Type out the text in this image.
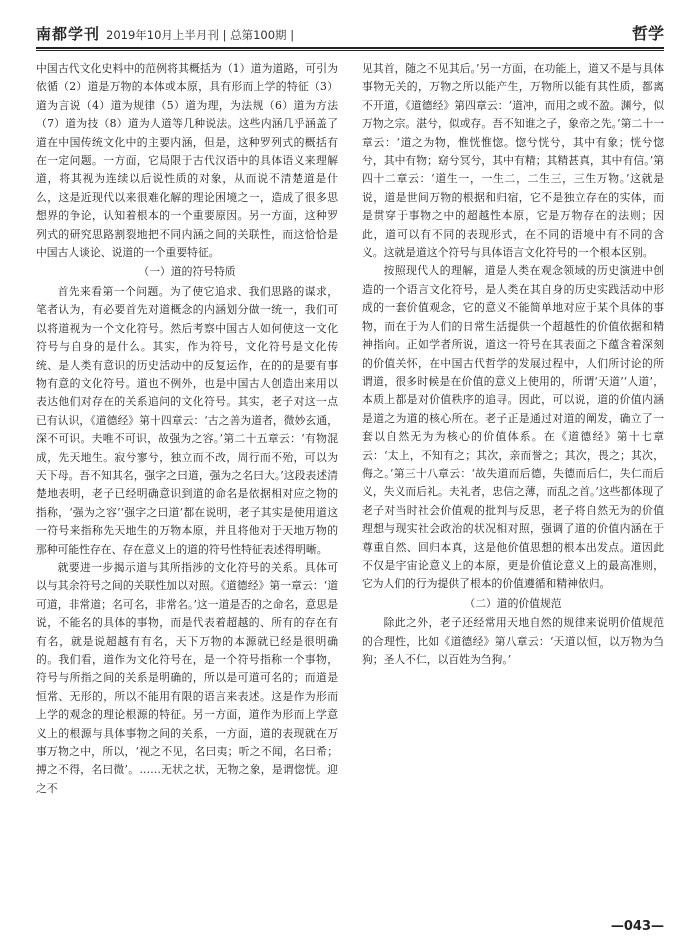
南都学刊 2019年10月上半月刊 | 总第100期 |	哲学

中国古代文化史料中的范例将其概括为（1）道为道路，可引为依循（2）道是万物的本体或本原，具有形而上学的特征（3）道为言说（4）道为规律（5）道为理，为法规（6）道为方法（7）道为技（8）道为人道等几种说法。这些内涵几乎涵盖了道在中国传统文化中的主要内涵，但是，这种罗列式的概括有在一定问题。一方面，它局限于古代汉语中的具体语义来理解道，将其视为连续以后说性质的对象，从而说不清楚道是什么，这是近现代以来很难化解的理论困境之一，造成了很多思想界的争论，认知着根本的一个重要原因。另一方面，这种罗列式的研究思路割裂地把不同内涵之间的关联性，而这恰恰是中国古人谈论、说道的一个重要特征。

（一）道的符号特质

首先来看第一个问题。为了使它追求、我们思路的谋求，笔者认为，有必要首先对道概念的内涵划分做一统一，我们可以将道视为一个文化符号。然后考察中国古人如何使这一文化符号与自身的是什么。其实，作为符号，文化符号是文化传统、是人类有意识的历史活动中的反复运作，在的的是要有事物有意的文化符号。道也不例外，也是中国古人创造出来用以表达他们对存在的关系追问的文化符号。其实，老子对这一点已有认识，《道德经》第十四章云：‘古之善为道者，微妙玄通，深不可识。夫唯不可识，故强为之容。’第二十五章云：‘有物混成，先天地生。寂兮寥兮，独立而不改，周行而不殆，可以为天下母。吾不知其名，强字之曰道，强为之名曰大。’这段表述清楚地表明，老子已经明确意识到道的命名是依据相对应之物的指称，‘强为之容’‘强字之曰道’都在说明，老子其实是使用道这一符号来指称先天地生的万物本原，并且将他对于天地万物的那种可能性存在、存在意义上的道的符号性特征表述得明晰。

就要进一步揭示道与其所指涉的文化符号的关系。具体可以与其余符号之间的关联性加以对照。《道德经》第一章云：‘道可道，非常道；名可名，非常名。’这一道是否的之命名，意思是说，不能名的具体的事物，而是代表着超越的、所有的存在有有名，就是说超越有有名，天下万物的本源就已经是很明确的。我们看，道作为文化符号在，是一个符号指称一个事物，符号与所指之间的关系是明确的，所以是可道可名的；而道是恒常、无形的，所以不能用有限的语言来表述。这是作为形而上学的观念的理论根源的特征。另一方面，道作为形而上学意义上的根源与具体事物之间的关系，一方面，道的表现就在万事万物之中，所以，‘视之不见，名曰夷；听之不闻，名曰希；搏之不得，名曰微’。……无状之状，无物之象，是谓惚恍。迎之不

见其首，随之不见其后。’另一方面，在功能上，道又不是与具体事物无关的，万物之所以能产生，万物所以能有其性质，都离不开道，《道德经》第四章云：‘道冲，而用之或不盈。渊兮，似万物之宗。湛兮，似或存。吾不知谁之子，象帝之先。’第二十一章云：‘道之为物，惟恍惟惚。惚兮恍兮，其中有象；恍兮惚兮，其中有物；窈兮冥兮，其中有精；其精甚真，其中有信。’第四十二章云：‘道生一，一生二，二生三，三生万物。’这就是说，道是世间万物的根据和归宿，它不是独立存在的实体，而是贯穿于事物之中的超越性本原，它是万物存在的法则；因此，道可以有不同的表现形式，在不同的语境中有不同的含义。这就是道这个符号与具体语言文化符号的一个根本区别。

按照现代人的理解，道是人类在观念领域的历史演进中创造的一个语言文化符号，是人类在其自身的历史实践活动中形成的一套价值观念，它的意义不能简单地对应于某个具体的事物，而在于为人们的日常生活提供一个超越性的价值依据和精神指向。正如学者所说，道这一符号在其表面之下蕴含着深刻的价值关怀，在中国古代哲学的发展过程中，人们所讨论的所谓道，很多时候是在价值的意义上使用的，所谓‘天道’‘人道’，本质上都是对价值秩序的追寻。因此，可以说，道的价值内涵是道之为道的核心所在。老子正是通过对道的阐发，确立了一套以自然无为为核心的价值体系。在《道德经》第十七章云：‘太上，不知有之；其次，亲而誉之；其次，畏之；其次，侮之。’第三十八章云：‘故失道而后德，失德而后仁，失仁而后义，失义而后礼。夫礼者，忠信之薄，而乱之首。’这些都体现了老子对当时社会价值观的批判与反思，老子将自然无为的价值理想与现实社会政治的状况相对照，强调了道的价值内涵在于尊重自然、回归本真，这是他价值思想的根本出发点。道因此不仅是宇宙论意义上的本原，更是价值论意义上的最高准则，它为人们的行为提供了根本的价值遵循和精神依归。

（二）道的价值规范

除此之外，老子还经常用天地自然的规律来说明价值规范的合理性，比如《道德经》第八章云：‘天道以恒，以万物为刍狗；圣人不仁，以百姓为刍狗。’

—043—
